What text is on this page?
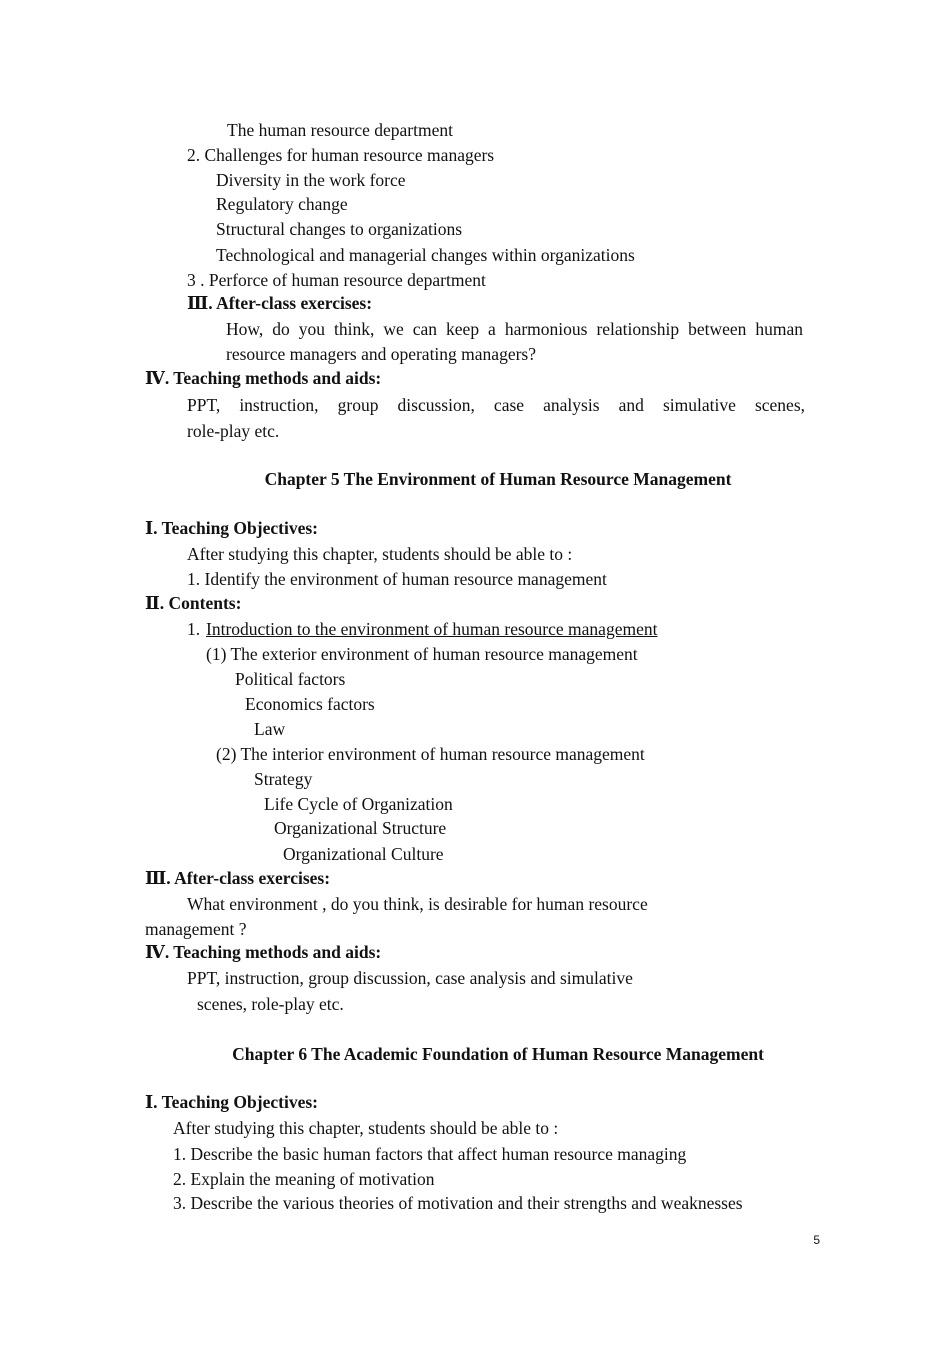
The human resource department
2. Challenges for human resource managers
Diversity in the work force
Regulatory change
Structural changes to organizations
Technological and managerial changes within organizations
3 . Perforce of human resource department
Ⅲ. After-class exercises:
How, do you think, we can keep a harmonious relationship between human
resource managers and operating managers?
Ⅳ. Teaching methods and aids:
PPT, instruction, group discussion, case analysis and simulative scenes,
role-play etc.
Chapter 5 The Environment of Human Resource Management
Ⅰ. Teaching Objectives:
After studying this chapter, students should be able to :
1. Identify the environment of human resource management
Ⅱ. Contents:
1. Introduction to the environment of human resource management
(1) The exterior environment of human resource management
Political factors
Economics factors
Law
(2) The interior environment of human resource management
Strategy
Life Cycle of Organization
Organizational Structure
Organizational Culture
Ⅲ. After-class exercises:
What environment , do you think, is desirable for human resource
management ?
Ⅳ. Teaching methods and aids:
PPT, instruction, group discussion, case analysis and simulative
scenes, role-play etc.
Chapter 6 The Academic Foundation of Human Resource Management
Ⅰ. Teaching Objectives:
After studying this chapter, students should be able to :
1. Describe the basic human factors that affect human resource managing
2. Explain the meaning of motivation
3. Describe the various theories of motivation and their strengths and weaknesses
5
